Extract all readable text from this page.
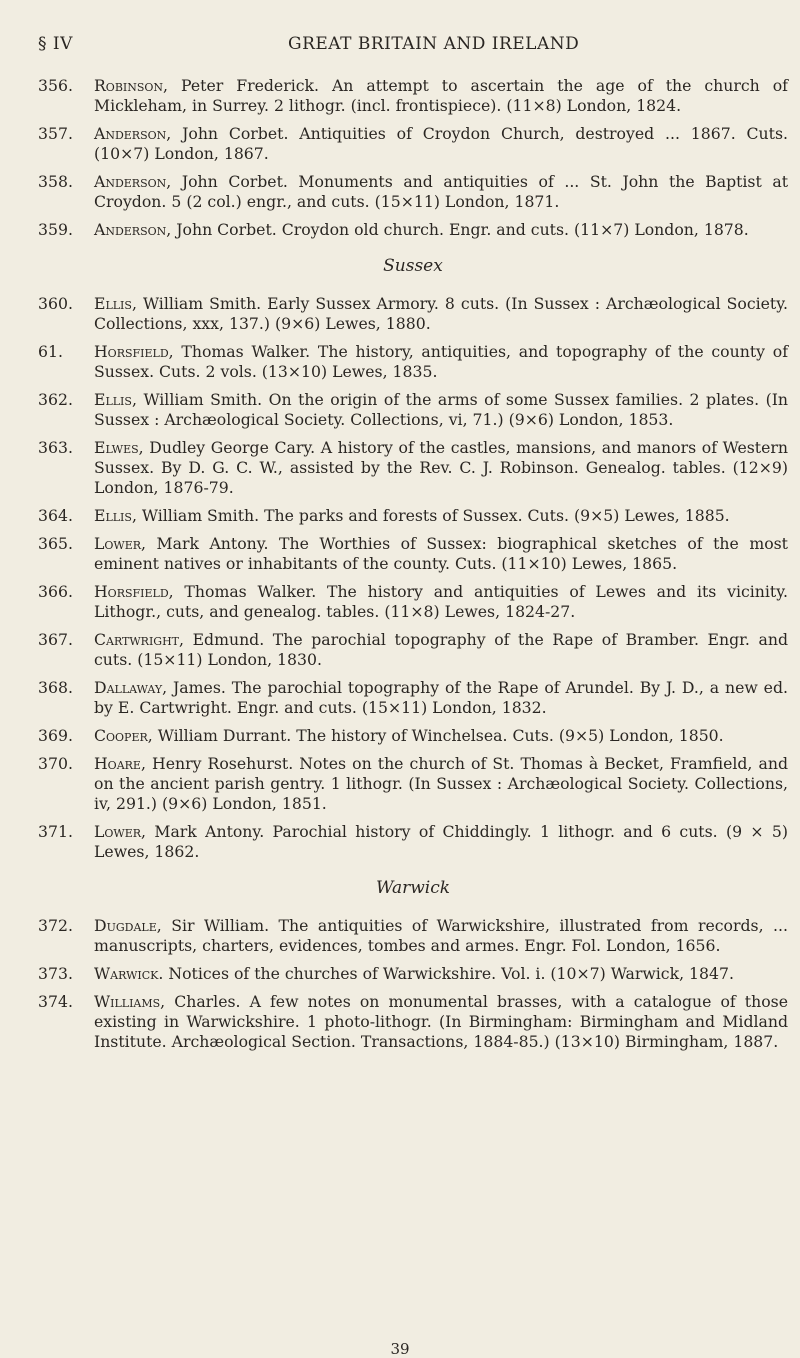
§ IV	GREAT BRITAIN AND IRELAND
356. Robinson, Peter Frederick. An attempt to ascertain the age of the church of Mickleham, in Surrey. 2 lithogr. (incl. frontispiece). (11×8) London, 1824.
357. Anderson, John Corbet. Antiquities of Croydon Church, destroyed ... 1867. Cuts. (10×7) London, 1867.
358. Anderson, John Corbet. Monuments and antiquities of ... St. John the Baptist at Croydon. 5 (2 col.) engr., and cuts. (15×11) London, 1871.
359. Anderson, John Corbet. Croydon old church. Engr. and cuts. (11×7) London, 1878.
Sussex
360. Ellis, William Smith. Early Sussex Armory. 8 cuts. (In Sussex : Archæological Society. Collections, xxx, 137.) (9×6) Lewes, 1880.
61. Horsfield, Thomas Walker. The history, antiquities, and topography of the county of Sussex. Cuts. 2 vols. (13×10) Lewes, 1835.
362. Ellis, William Smith. On the origin of the arms of some Sussex families. 2 plates. (In Sussex : Archæological Society. Collections, vi, 71.) (9×6) London, 1853.
363. Elwes, Dudley George Cary. A history of the castles, mansions, and manors of Western Sussex. By D. G. C. W., assisted by the Rev. C. J. Robinson. Genealog. tables. (12×9) London, 1876-79.
364. Ellis, William Smith. The parks and forests of Sussex. Cuts. (9×5) Lewes, 1885.
365. Lower, Mark Antony. The Worthies of Sussex: biographical sketches of the most eminent natives or inhabitants of the county. Cuts. (11×10) Lewes, 1865.
366. Horsfield, Thomas Walker. The history and antiquities of Lewes and its vicinity. Lithogr., cuts, and genealog. tables. (11×8) Lewes, 1824-27.
367. Cartwright, Edmund. The parochial topography of the Rape of Bramber. Engr. and cuts. (15×11) London, 1830.
368. Dallaway, James. The parochial topography of the Rape of Arundel. By J. D., a new ed. by E. Cartwright. Engr. and cuts. (15×11) London, 1832.
369. Cooper, William Durrant. The history of Winchelsea. Cuts. (9×5) London, 1850.
370. Hoare, Henry Rosehurst. Notes on the church of St. Thomas à Becket, Framfield, and on the ancient parish gentry. 1 lithogr. (In Sussex : Archæological Society. Collections, iv, 291.) (9×6) London, 1851.
371. Lower, Mark Antony. Parochial history of Chiddingly. 1 lithogr. and 6 cuts. (9 × 5) Lewes, 1862.
Warwick
372. Dugdale, Sir William. The antiquities of Warwickshire, illustrated from records, ... manuscripts, charters, evidences, tombes and armes. Engr. Fol. London, 1656.
373. Warwick. Notices of the churches of Warwickshire. Vol. i. (10×7) Warwick, 1847.
374. Williams, Charles. A few notes on monumental brasses, with a catalogue of those existing in Warwickshire. 1 photo-lithogr. (In Birmingham: Birmingham and Midland Institute. Archæological Section. Transactions, 1884-85.) (13×10) Birmingham, 1887.
39
